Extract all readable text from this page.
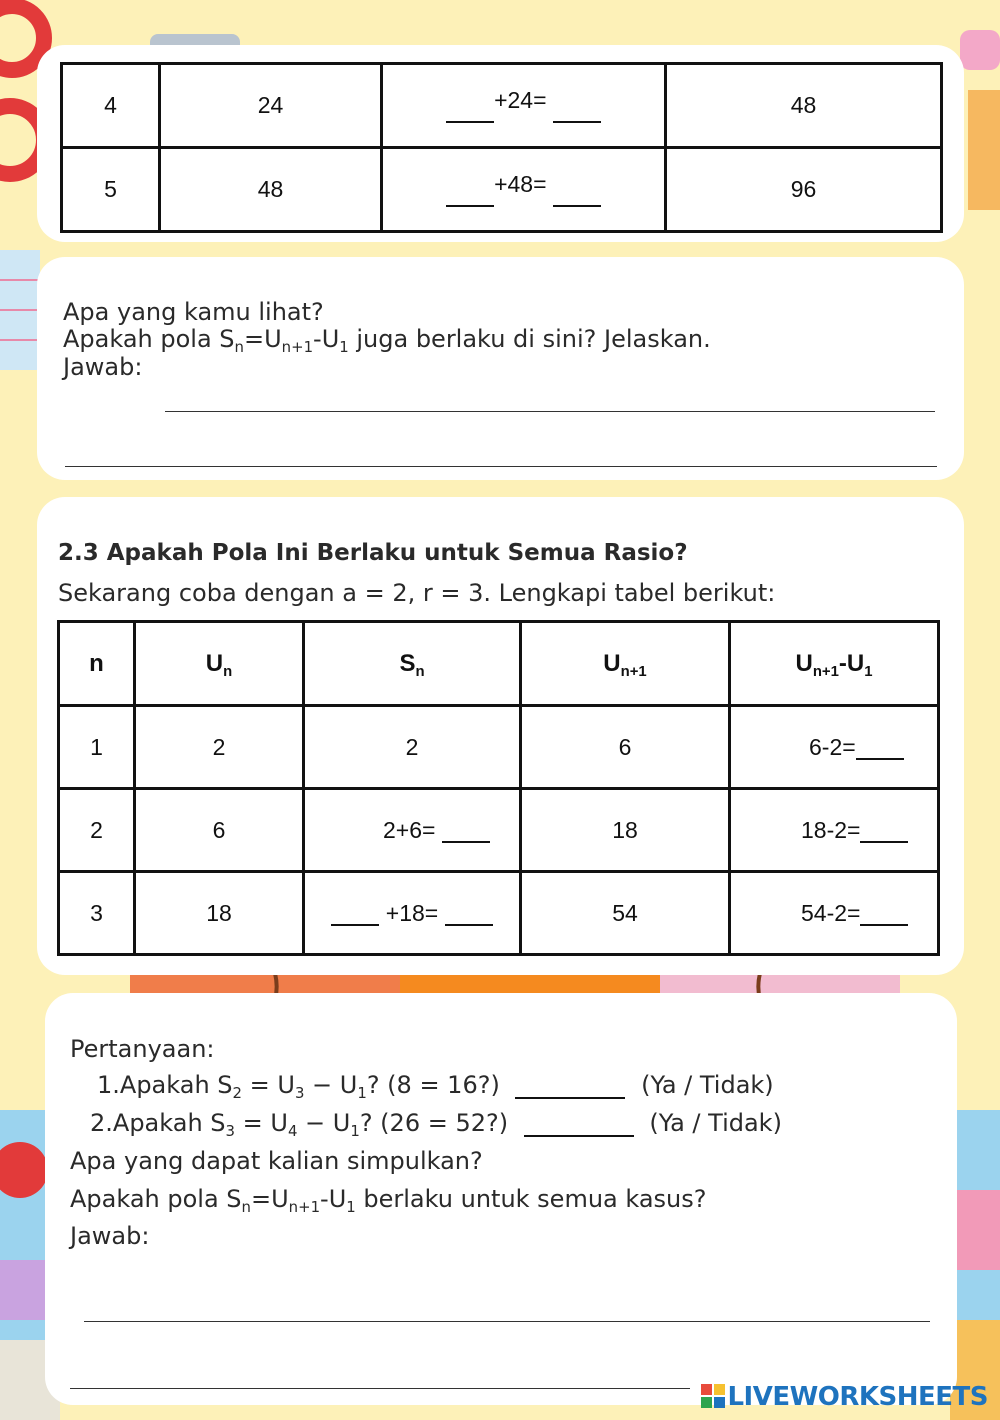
4	24	+24=	48
5	48	+48=	96
Apa yang kamu lihat?
Apakah pola $S_n=U_{n+1}-U_1$ juga berlaku di sini? Jelaskan.
Jawab:
2.3 Apakah Pola Ini Berlaku untuk Semua Rasio?
Sekarang coba dengan a = 2, r = 3. Lengkapi tabel berikut:
n	$U_n$	$S_n$	$U_{n+1}$	$U_{n+1}-U_1$
1	2	2	6	6-2=
2	6	2+6=	18	18-2=
3	18	+18=	54	54-2=
Pertanyaan:
1.Apakah $S_2 = U_3 - U_1$? (8 = 16?)	(Ya / Tidak)
2.Apakah $S_3 = U_4 - U_1$? (26 = 52?)	(Ya / Tidak)
Apa yang dapat kalian simpulkan?
Apakah pola $S_n=U_{n+1}-U_1$ berlaku untuk semua kasus?
Jawab:
LIVEWORKSHEETS
